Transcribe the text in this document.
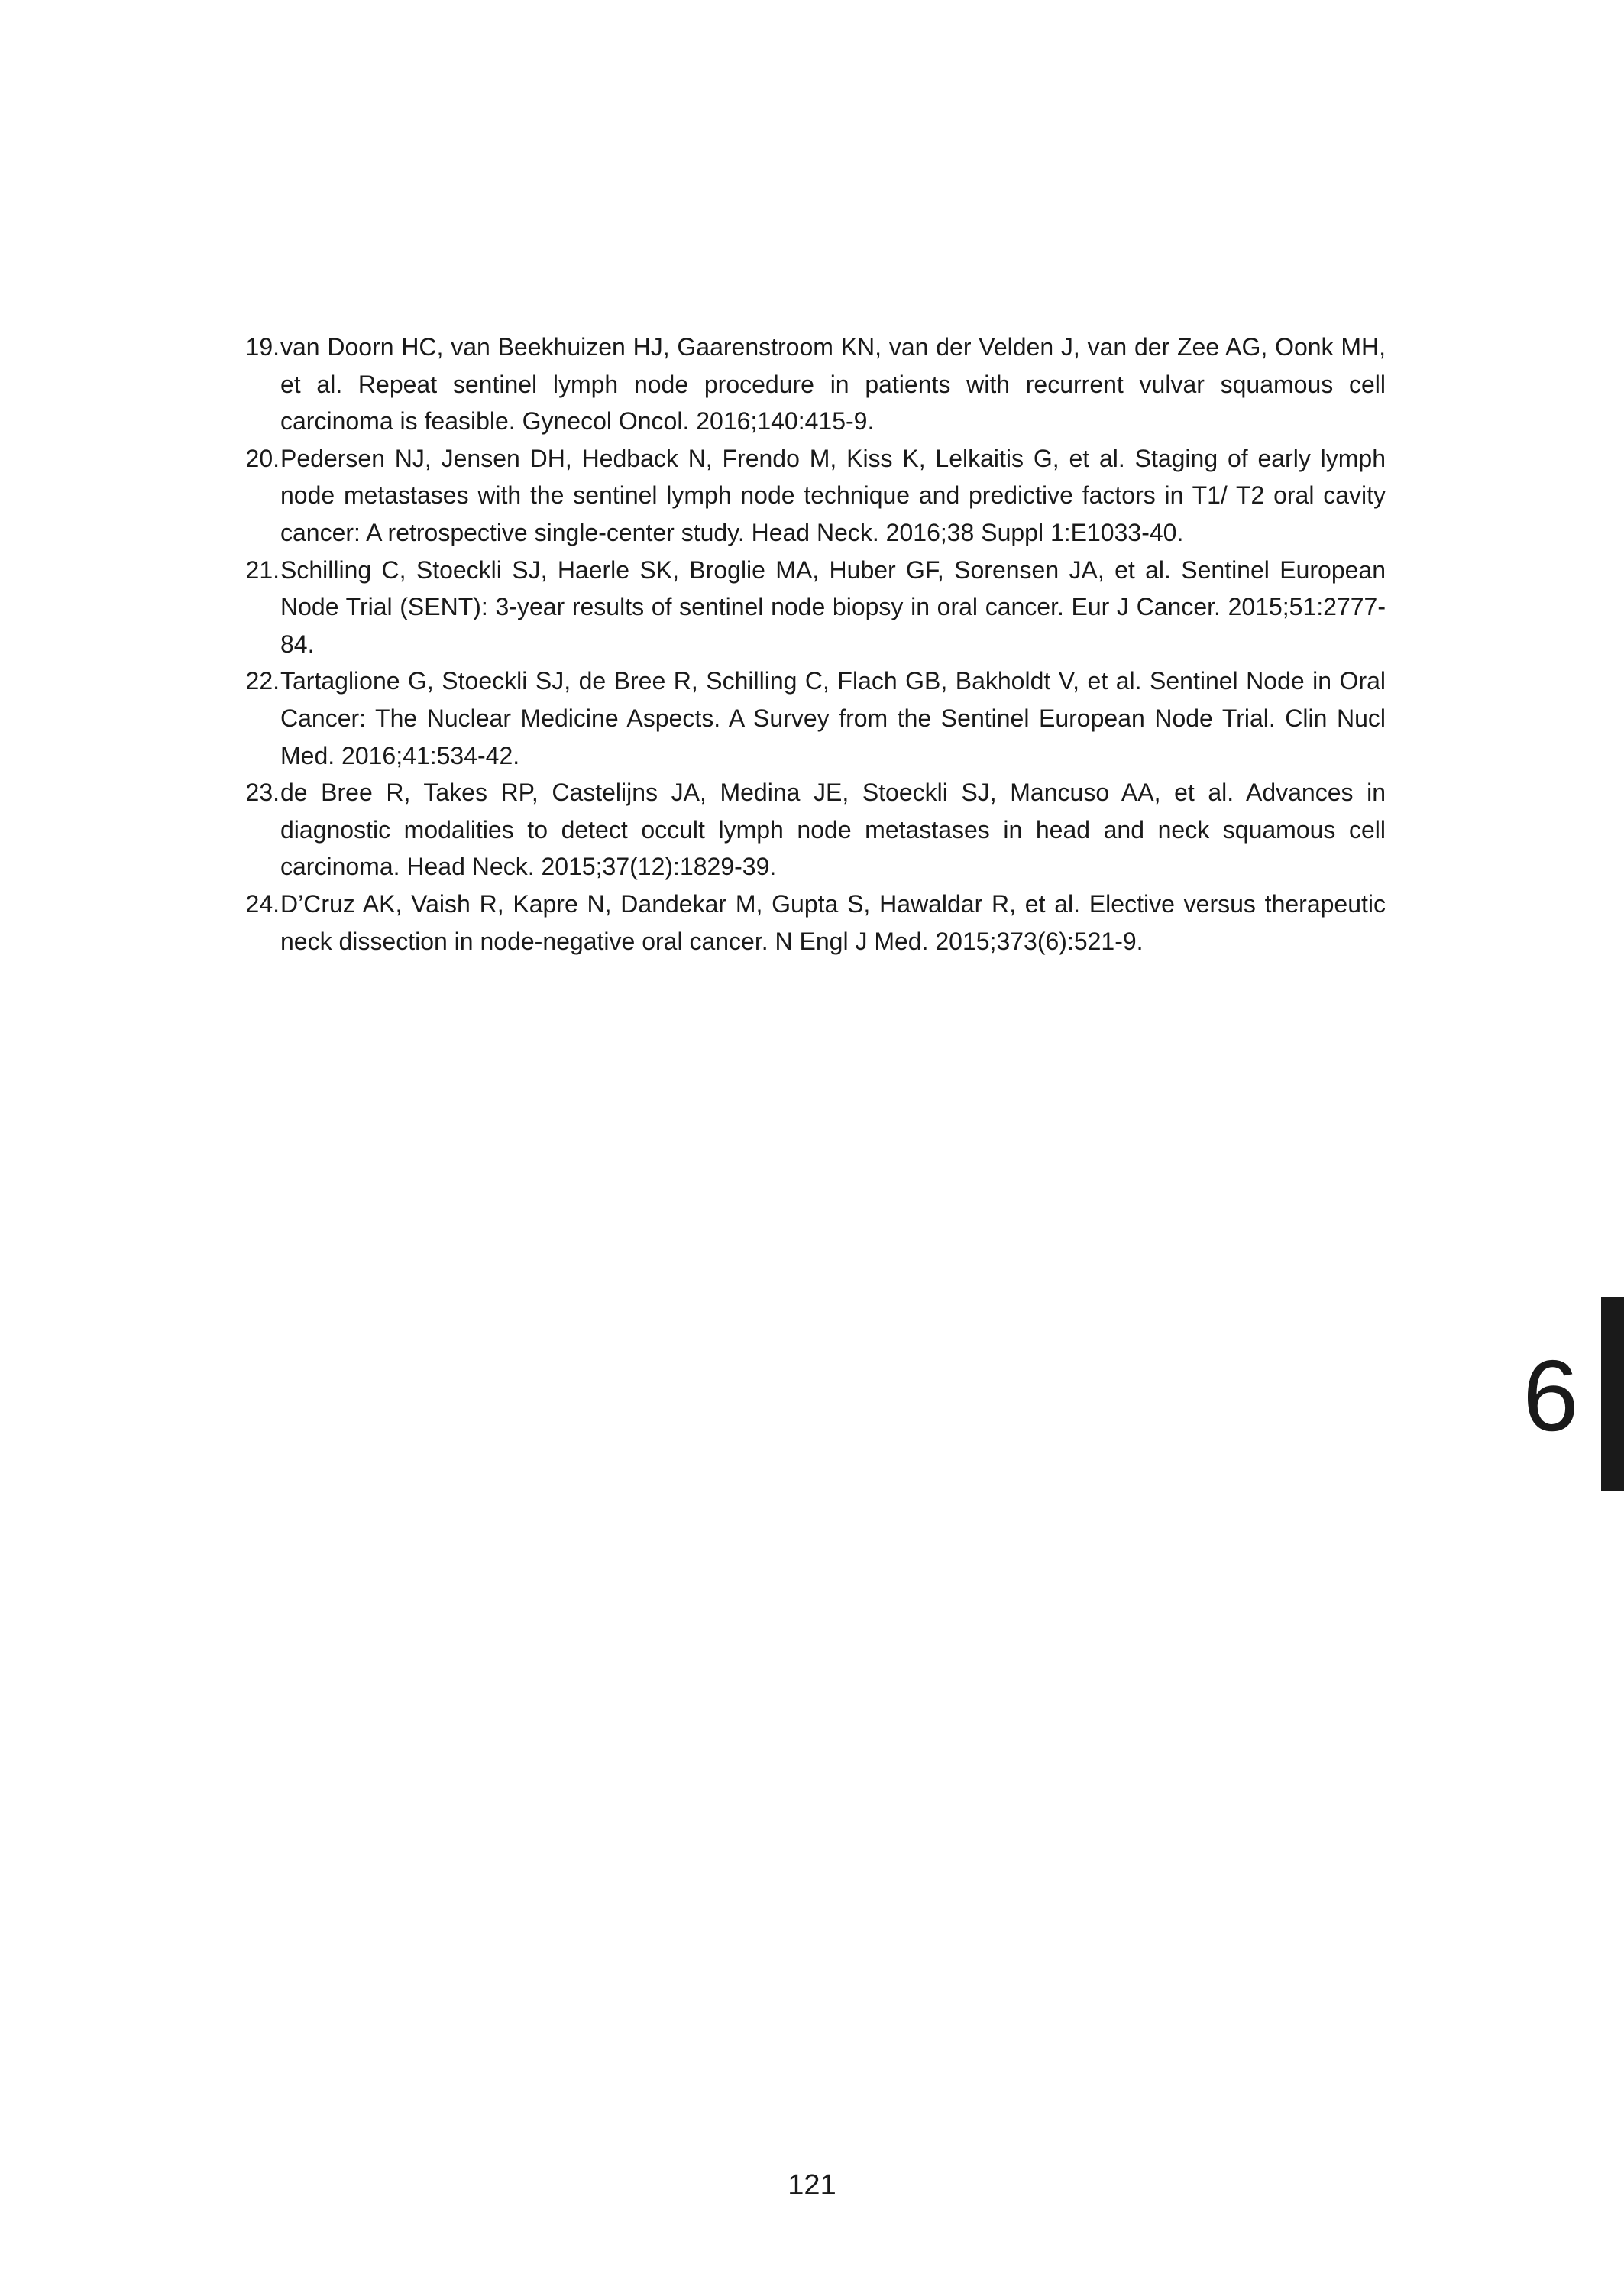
19. van Doorn HC, van Beekhuizen HJ, Gaarenstroom KN, van der Velden J, van der Zee AG, Oonk MH, et al. Repeat sentinel lymph node procedure in patients with recurrent vulvar squamous cell carcinoma is feasible. Gynecol Oncol. 2016;140:415-9.
20. Pedersen NJ, Jensen DH, Hedback N, Frendo M, Kiss K, Lelkaitis G, et al. Staging of early lymph node metastases with the sentinel lymph node technique and predictive factors in T1/ T2 oral cavity cancer: A retrospective single-center study. Head Neck. 2016;38 Suppl 1:E1033-40.
21. Schilling C, Stoeckli SJ, Haerle SK, Broglie MA, Huber GF, Sorensen JA, et al. Sentinel European Node Trial (SENT): 3-year results of sentinel node biopsy in oral cancer. Eur J Cancer. 2015;51:2777-84.
22. Tartaglione G, Stoeckli SJ, de Bree R, Schilling C, Flach GB, Bakholdt V, et al. Sentinel Node in Oral Cancer: The Nuclear Medicine Aspects. A Survey from the Sentinel European Node Trial. Clin Nucl Med. 2016;41:534-42.
23. de Bree R, Takes RP, Castelijns JA, Medina JE, Stoeckli SJ, Mancuso AA, et al. Advances in diagnostic modalities to detect occult lymph node metastases in head and neck squamous cell carcinoma. Head Neck. 2015;37(12):1829-39.
24. D’Cruz AK, Vaish R, Kapre N, Dandekar M, Gupta S, Hawaldar R, et al. Elective versus therapeutic neck dissection in node-negative oral cancer. N Engl J Med. 2015;373(6):521-9.
6
121
